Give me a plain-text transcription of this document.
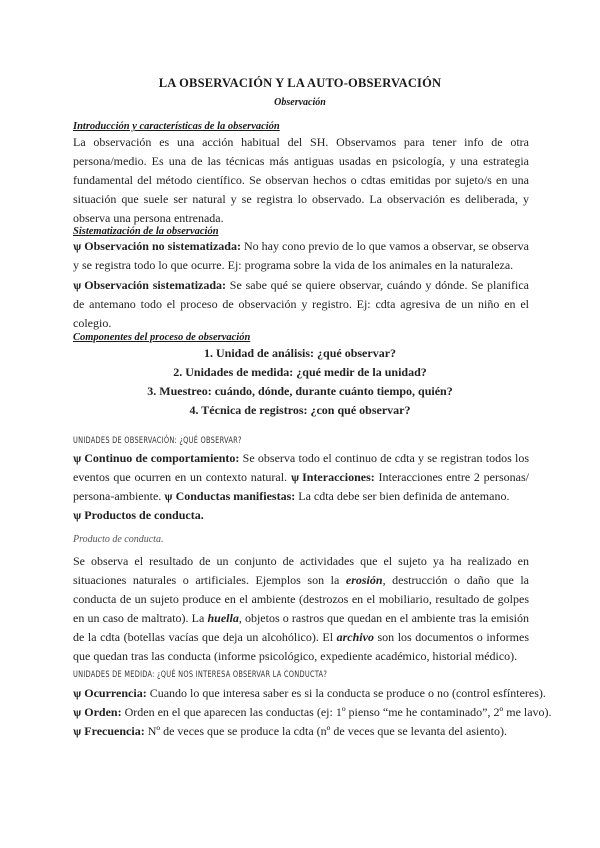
LA OBSERVACIÓN Y LA AUTO-OBSERVACIÓN
Observación
Introducción y características de la observación
La observación es una acción habitual del SH. Observamos para tener info de otra persona/medio. Es una de las técnicas más antiguas usadas en psicología, y una estrategia fundamental del método científico. Se observan hechos o cdtas emitidas por sujeto/s en una situación que suele ser natural y se registra lo observado. La observación es deliberada, y observa una persona entrenada.
Sistematización de la observación
ѱ Observación no sistematizada: No hay cono previo de lo que vamos a observar, se observa y se registra todo lo que ocurre. Ej: programa sobre la vida de los animales en la naturaleza.
ѱ Observación sistematizada: Se sabe qué se quiere observar, cuándo y dónde. Se planifica de antemano todo el proceso de observación y registro. Ej: cdta agresiva de un niño en el colegio.
Componentes del proceso de observación
1. Unidad de análisis: ¿qué observar?
2. Unidades de medida: ¿qué medir de la unidad?
3. Muestreo: cuándo, dónde, durante cuánto tiempo, quién?
4. Técnica de registros: ¿con qué observar?
UNIDADES DE OBSERVACIÓN: ¿QUÉ OBSERVAR?
ѱ Continuo de comportamiento: Se observa todo el continuo de cdta y se registran todos los eventos que ocurren en un contexto natural. ѱ Interacciones: Interacciones entre 2 personas/ persona-ambiente. ѱ Conductas manifiestas: La cdta debe ser bien definida de antemano.
ѱ Productos de conducta.
Producto de conducta.
Se observa el resultado de un conjunto de actividades que el sujeto ya ha realizado en situaciones naturales o artificiales. Ejemplos son la erosión, destrucción o daño que la conducta de un sujeto produce en el ambiente (destrozos en el mobiliario, resultado de golpes en un caso de maltrato). La huella, objetos o rastros que quedan en el ambiente tras la emisión de la cdta (botellas vacías que deja un alcohólico). El archivo son los documentos o informes que quedan tras las conducta (informe psicológico, expediente académico, historial médico).
UNIDADES DE MEDIDA: ¿QUÉ NOS INTERESA OBSERVAR LA CONDUCTA?
ѱ Ocurrencia: Cuando lo que interesa saber es si la conducta se produce o no (control esfínteres).
ѱ Orden: Orden en el que aparecen las conductas (ej: 1º pienso “me he contaminado”, 2º me lavo).
ѱ Frecuencia: Nº de veces que se produce la cdta (nº de veces que se levanta del asiento).
